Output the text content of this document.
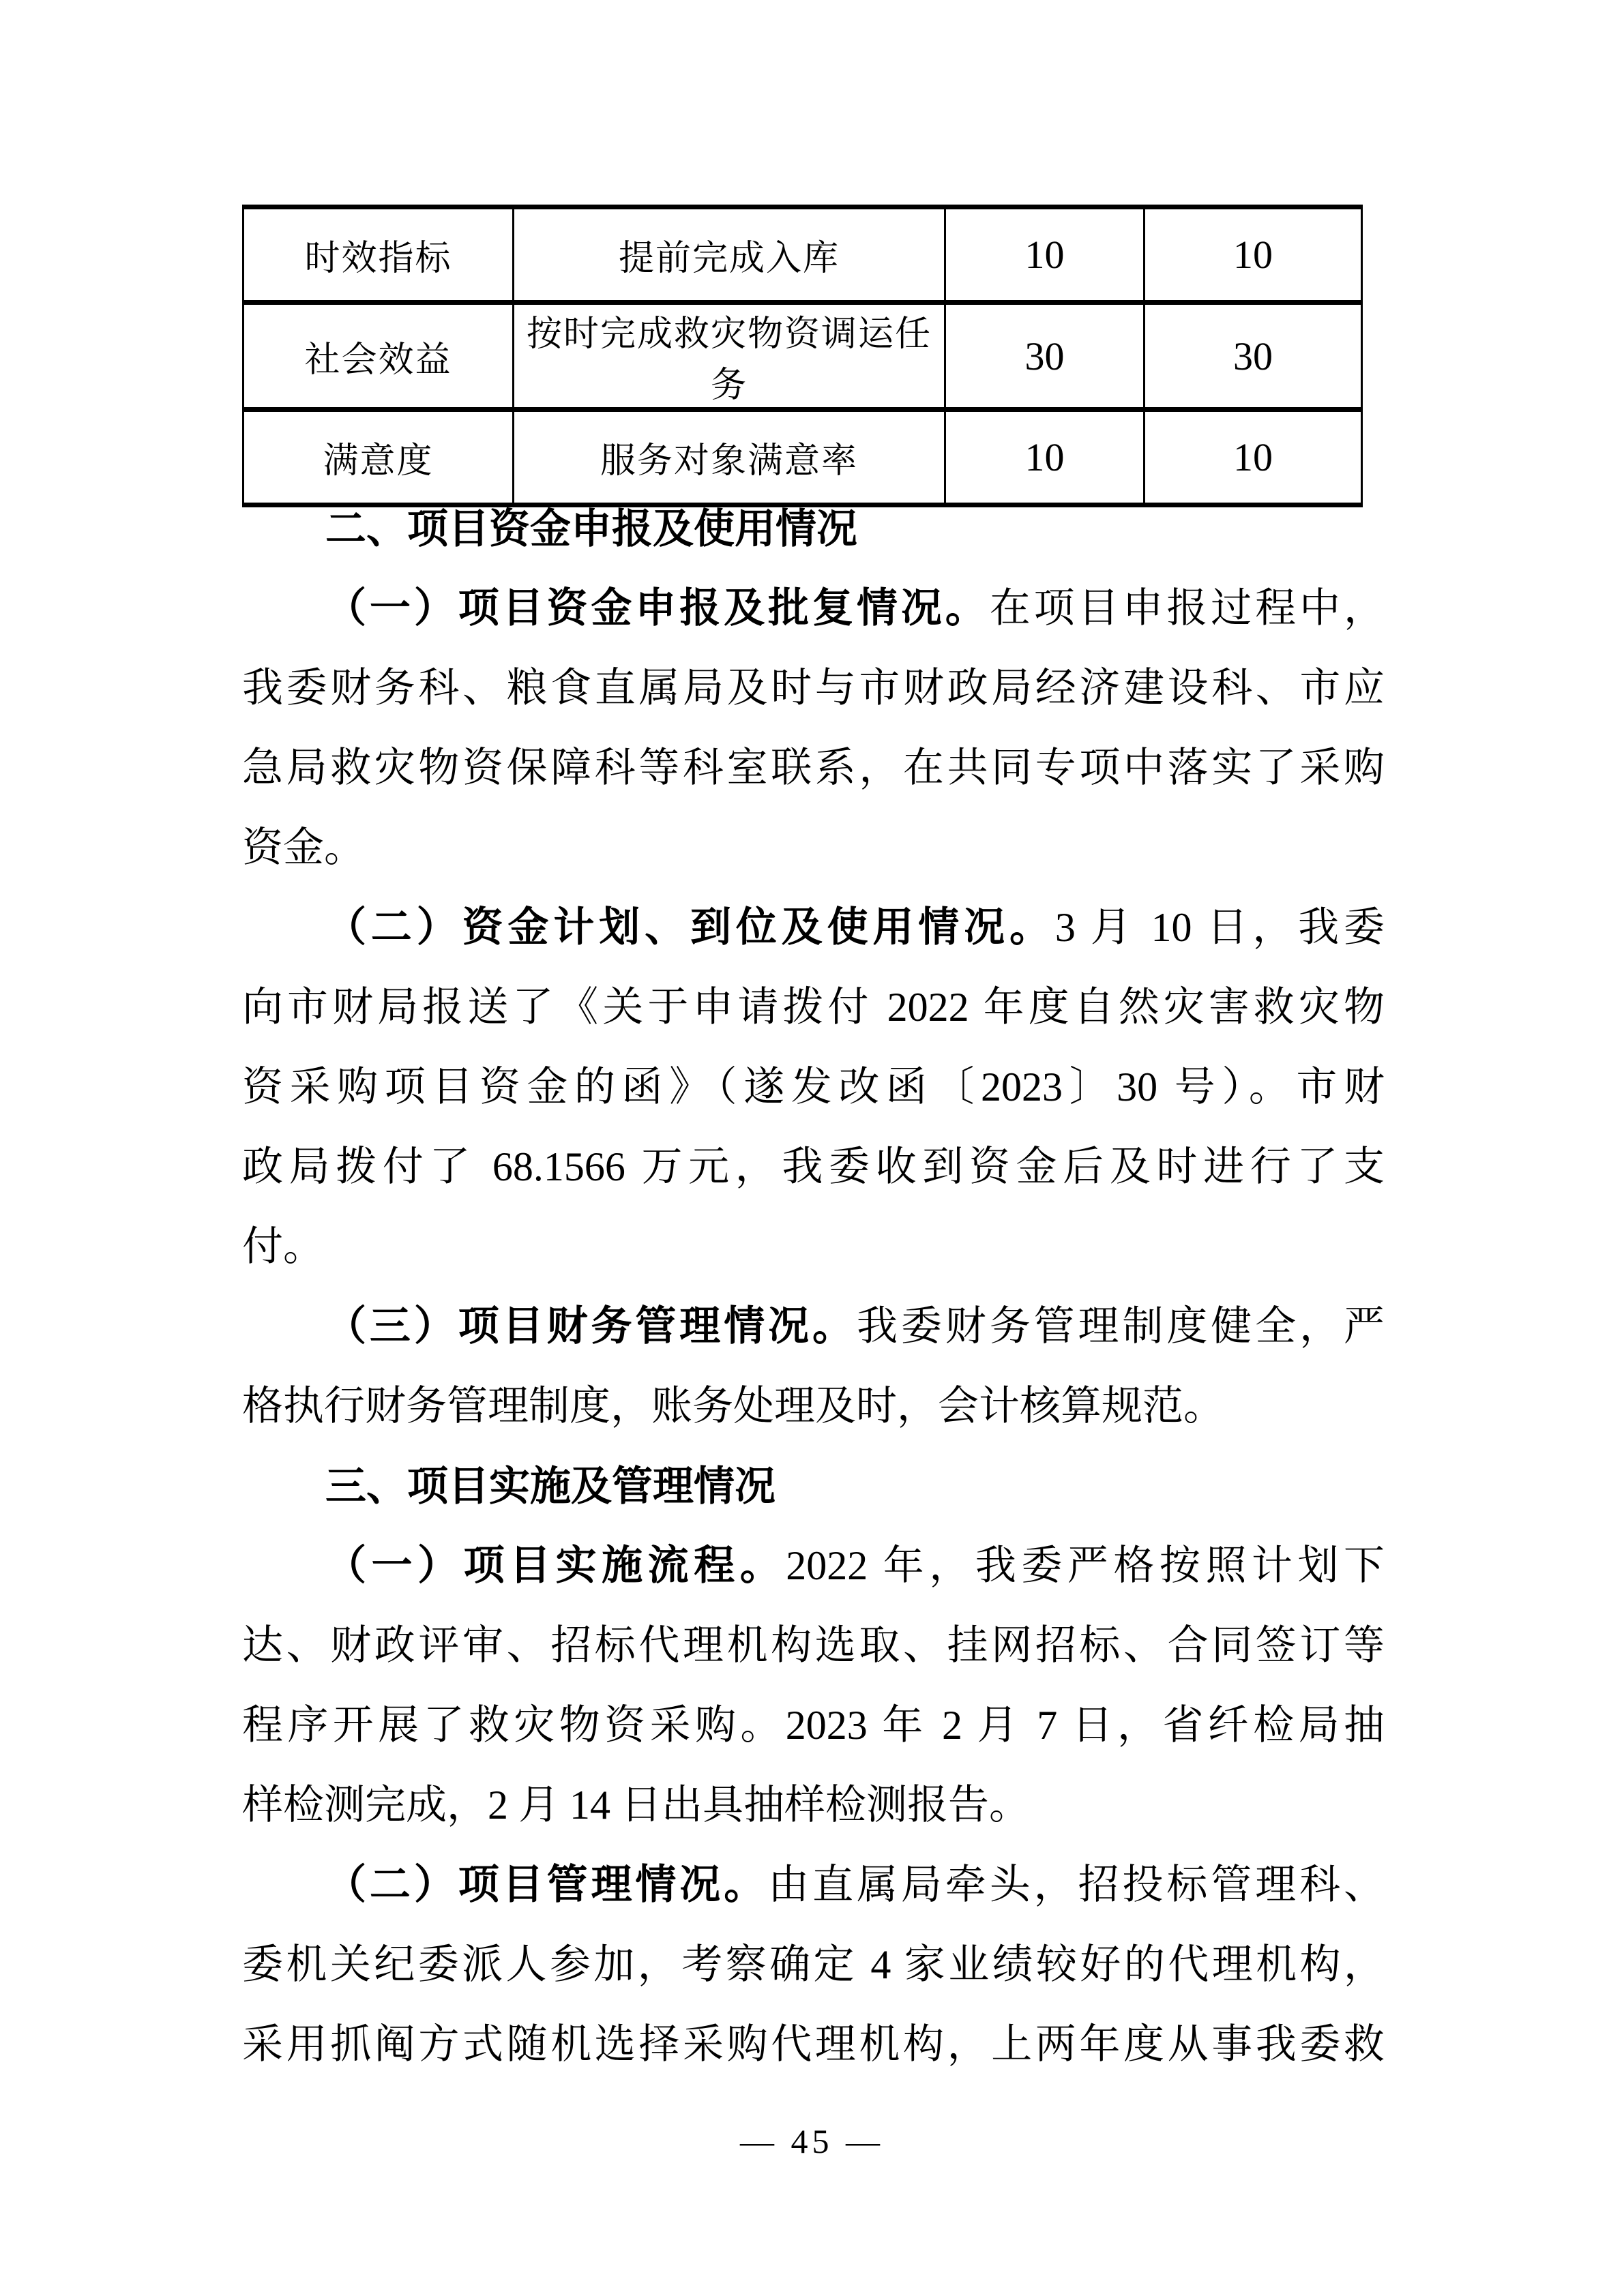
时效指标	提前完成入库	10	10
社会效益	按时完成救灾物资调运任务	30	30
满意度	服务对象满意率	10	10
二、项目资金申报及使用情况
（一）项目资金申报及批复情况。在项目申报过程中，
我委财务科、粮食直属局及时与市财政局经济建设科、市应
急局救灾物资保障科等科室联系，在共同专项中落实了采购
资金。
（二）资金计划、到位及使用情况。3 月 10 日，我委
向市财局报送了《关于申请拨付 2022 年度自然灾害救灾物
资采购项目资金的函》（遂发改函〔2023〕30 号）。市财
政局拨付了 68.1566 万元，我委收到资金后及时进行了支
付。
（三）项目财务管理情况。我委财务管理制度健全，严
格执行财务管理制度，账务处理及时，会计核算规范。
三、项目实施及管理情况
（一）项目实施流程。2022 年，我委严格按照计划下
达、财政评审、招标代理机构选取、挂网招标、合同签订等
程序开展了救灾物资采购。2023 年 2 月 7 日，省纤检局抽
样检测完成，2 月 14 日出具抽样检测报告。
（二）项目管理情况。由直属局牵头，招投标管理科、
委机关纪委派人参加，考察确定 4 家业绩较好的代理机构，
采用抓阄方式随机选择采购代理机构，上两年度从事我委救
— 45 —
